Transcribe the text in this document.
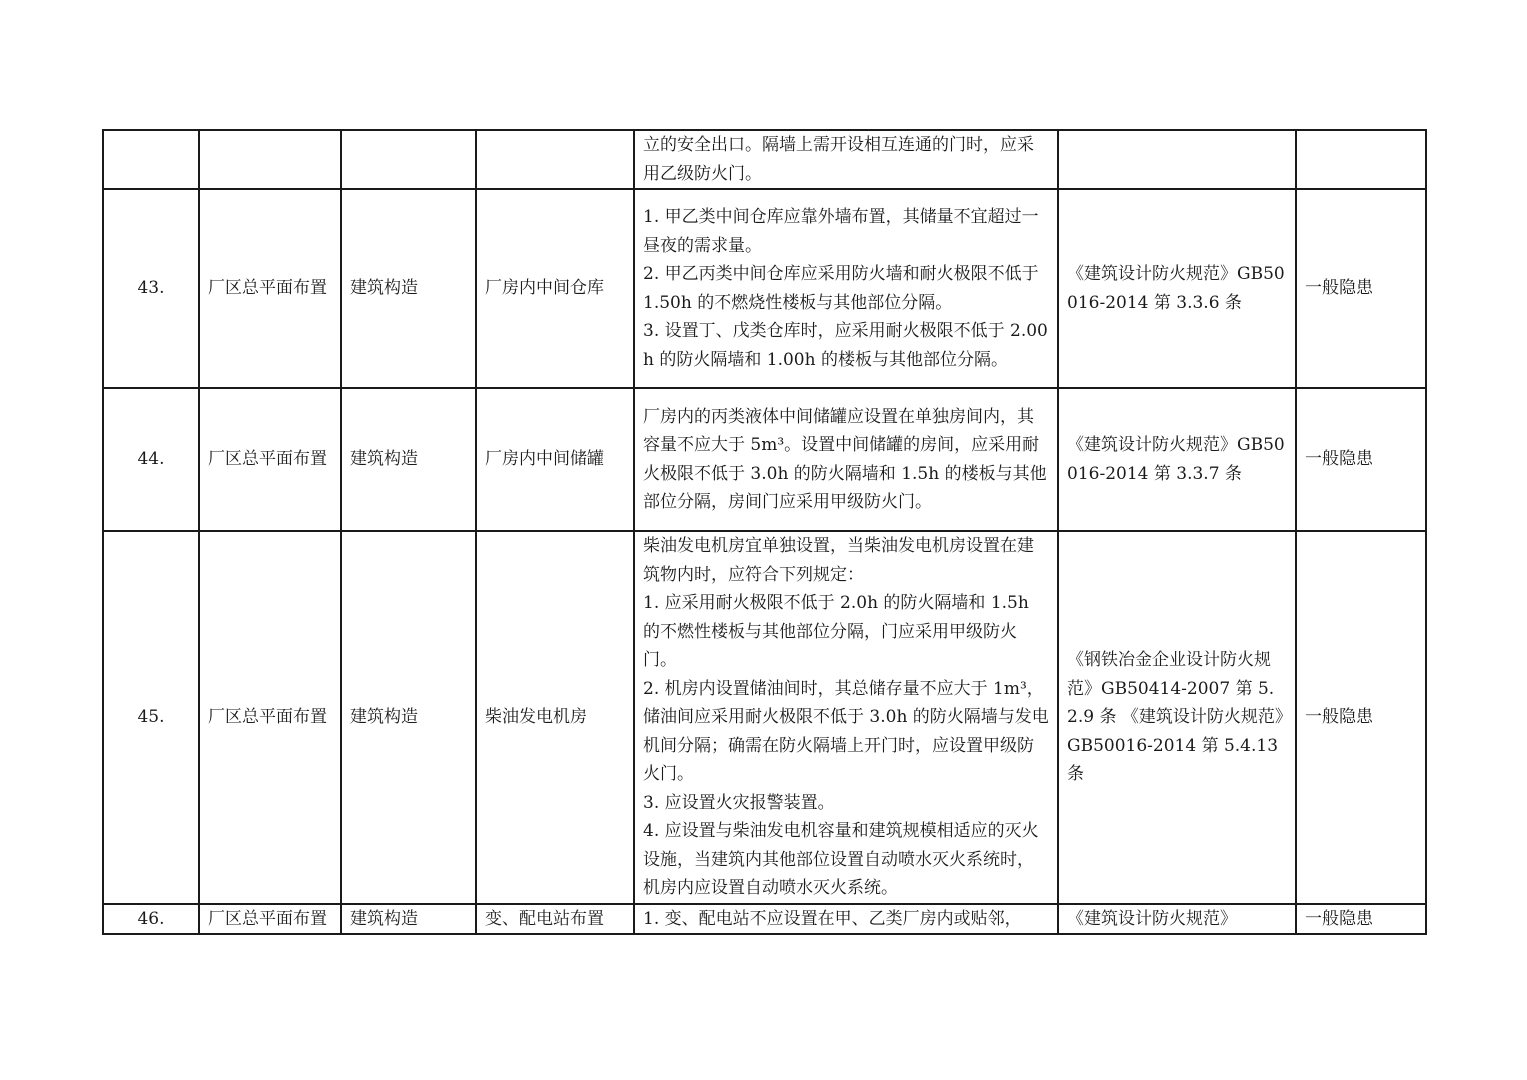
				立的安全出口。隔墙上需开设相互连通的门时，应采用乙级防火门。		

43.	厂区总平面布置	建筑构造	厂房内中间仓库	1. 甲乙类中间仓库应靠外墙布置，其储量不宜超过一昼夜的需求量。
2. 甲乙丙类中间仓库应采用防火墙和耐火极限不低于 1.50h 的不燃烧性楼板与其他部位分隔。
3. 设置丁、戊类仓库时，应采用耐火极限不低于 2.00h 的防火隔墙和 1.00h 的楼板与其他部位分隔。	《建筑设计防火规范》GB50016-2014 第 3.3.6 条	一般隐患
44.	厂区总平面布置	建筑构造	厂房内中间储罐	厂房内的丙类液体中间储罐应设置在单独房间内，其容量不应大于 5m³。设置中间储罐的房间，应采用耐火极限不低于 3.0h 的防火隔墙和 1.5h 的楼板与其他部位分隔，房间门应采用甲级防火门。	《建筑设计防火规范》GB50016-2014 第 3.3.7 条	一般隐患
45.	厂区总平面布置	建筑构造	柴油发电机房	柴油发电机房宜单独设置，当柴油发电机房设置在建筑物内时，应符合下列规定：
1. 应采用耐火极限不低于 2.0h 的防火隔墙和 1.5h 的不燃性楼板与其他部位分隔，门应采用甲级防火门。
2. 机房内设置储油间时，其总储存量不应大于 1m³，储油间应采用耐火极限不低于 3.0h 的防火隔墙与发电机间分隔；确需在防火隔墙上开门时，应设置甲级防火门。
3. 应设置火灾报警装置。
4. 应设置与柴油发电机容量和建筑规模相适应的灭火设施，当建筑内其他部位设置自动喷水灭火系统时，机房内应设置自动喷水灭火系统。	《钢铁冶金企业设计防火规范》GB50414-2007 第 5.2.9 条 《建筑设计防火规范》GB50016-2014 第 5.4.13 条	一般隐患
46.	厂区总平面布置	建筑构造	变、配电站布置	1. 变、配电站不应设置在甲、乙类厂房内或贴邻，	《建筑设计防火规范》	一般隐患
